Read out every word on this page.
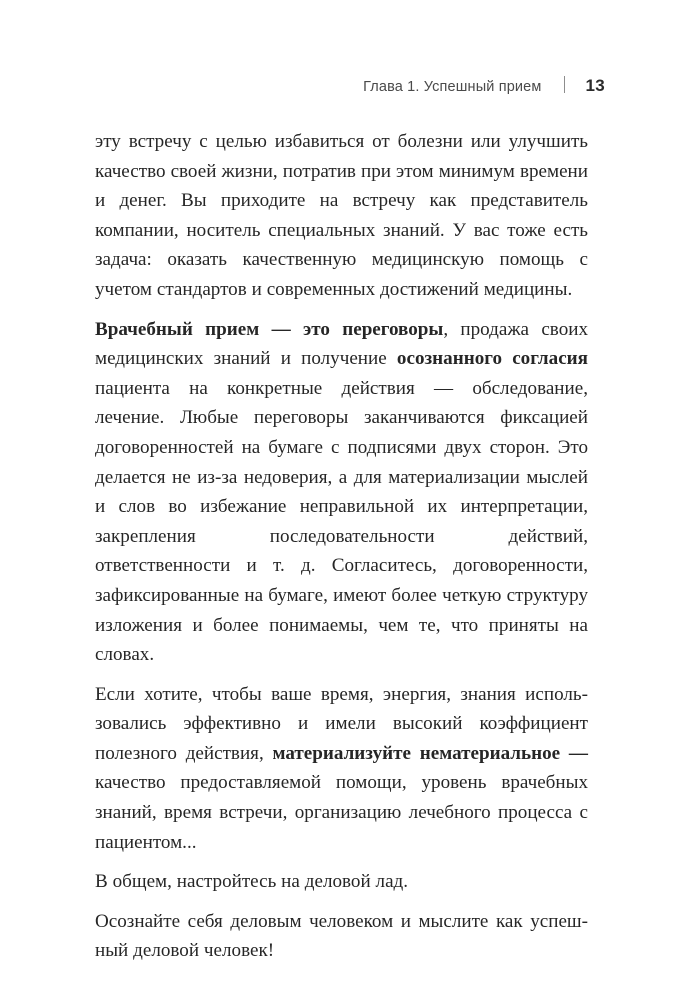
Глава 1. Успешный прием	13

эту встречу с целью избавиться от болезни или улучшить качество своей жизни, потратив при этом минимум времени и денег. Вы приходите на встречу как представитель компании, носитель специальных знаний. У вас тоже есть задача: оказать качественную медицинскую помощь с учетом стандартов и современных достижений медицины.

Врачебный прием — это переговоры, продажа своих медицинских знаний и получение осознанного согласия пациента на конкретные действия — обследование, лечение. Любые переговоры заканчиваются фиксацией договоренностей на бумаге с подписями двух сторон. Это делается не из-за недоверия, а для материализации мыслей и слов во избежание неправильной их интерпретации, закрепления последовательности действий, ответственности и т. д. Согласитесь, договоренности, зафиксированные на бумаге, имеют более четкую структуру изложения и более понимаемы, чем те, что приняты на словах.

Если хотите, чтобы ваше время, энергия, знания использовались эффективно и имели высокий коэффициент полезного действия, материализуйте нематериальное — качество предоставляемой помощи, уровень врачебных знаний, время встречи, организацию лечебного процесса с пациентом...

В общем, настройтесь на деловой лад.

Осознайте себя деловым человеком и мыслите как успешный деловой человек!
